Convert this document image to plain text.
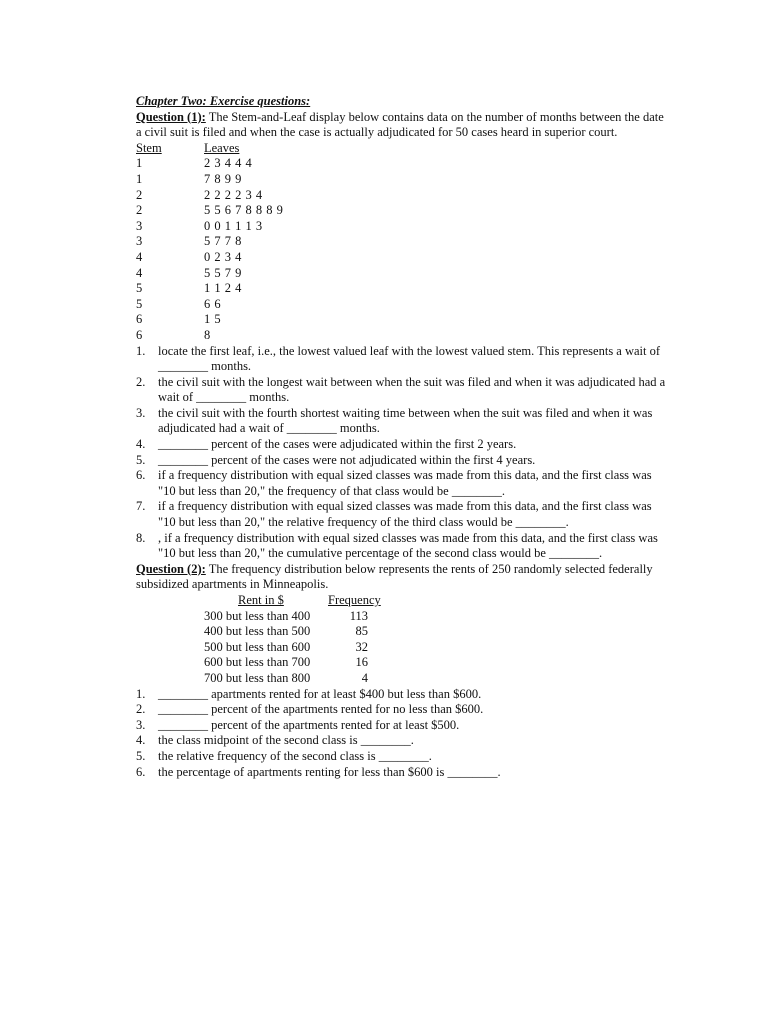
Chapter Two: Exercise questions:

Question (1): The Stem-and-Leaf display below contains data on the number of months between the date a civil suit is filed and when the case is actually adjudicated for 50 cases heard in superior court.

Stem	Leaves
1	2 3 4 4 4
1	7 8 9 9
2	2 2 2 2 3 4
2	5 5 6 7 8 8 8 9
3	0 0 1 1 1 3
3	5 7 7 8
4	0 2 3 4
4	5 5 7 9
5	1 1 2 4
5	6 6
6	1 5
6	8
1.	locate the first leaf, i.e., the lowest valued leaf with the lowest valued stem. This represents a wait of ________ months.
2.	the civil suit with the longest wait between when the suit was filed and when it was adjudicated had a wait of ________ months.
3.	the civil suit with the fourth shortest waiting time between when the suit was filed and when it was adjudicated had a wait of ________ months.
4.	________ percent of the cases were adjudicated within the first 2 years.
5.	________ percent of the cases were not adjudicated within the first 4 years.
6.	if a frequency distribution with equal sized classes was made from this data, and the first class was "10 but less than 20," the frequency of that class would be ________.
7.	if a frequency distribution with equal sized classes was made from this data, and the first class was "10 but less than 20," the relative frequency of the third class would be ________.
8.	, if a frequency distribution with equal sized classes was made from this data, and the first class was "10 but less than 20," the cumulative percentage of the second class would be ________.

Question (2): The frequency distribution below represents the rents of 250 randomly selected federally subsidized apartments in Minneapolis.

Rent in $	Frequency
300 but less than 400	113
400 but less than 500	85
500 but less than 600	32
600 but less than 700	16
700 but less than 800	4
1.	________ apartments rented for at least $400 but less than $600.
2.	________ percent of the apartments rented for no less than $600.
3.	________ percent of the apartments rented for at least $500.
4.	the class midpoint of the second class is ________.
5.	the relative frequency of the second class is ________.
6.	the percentage of apartments renting for less than $600 is ________.
